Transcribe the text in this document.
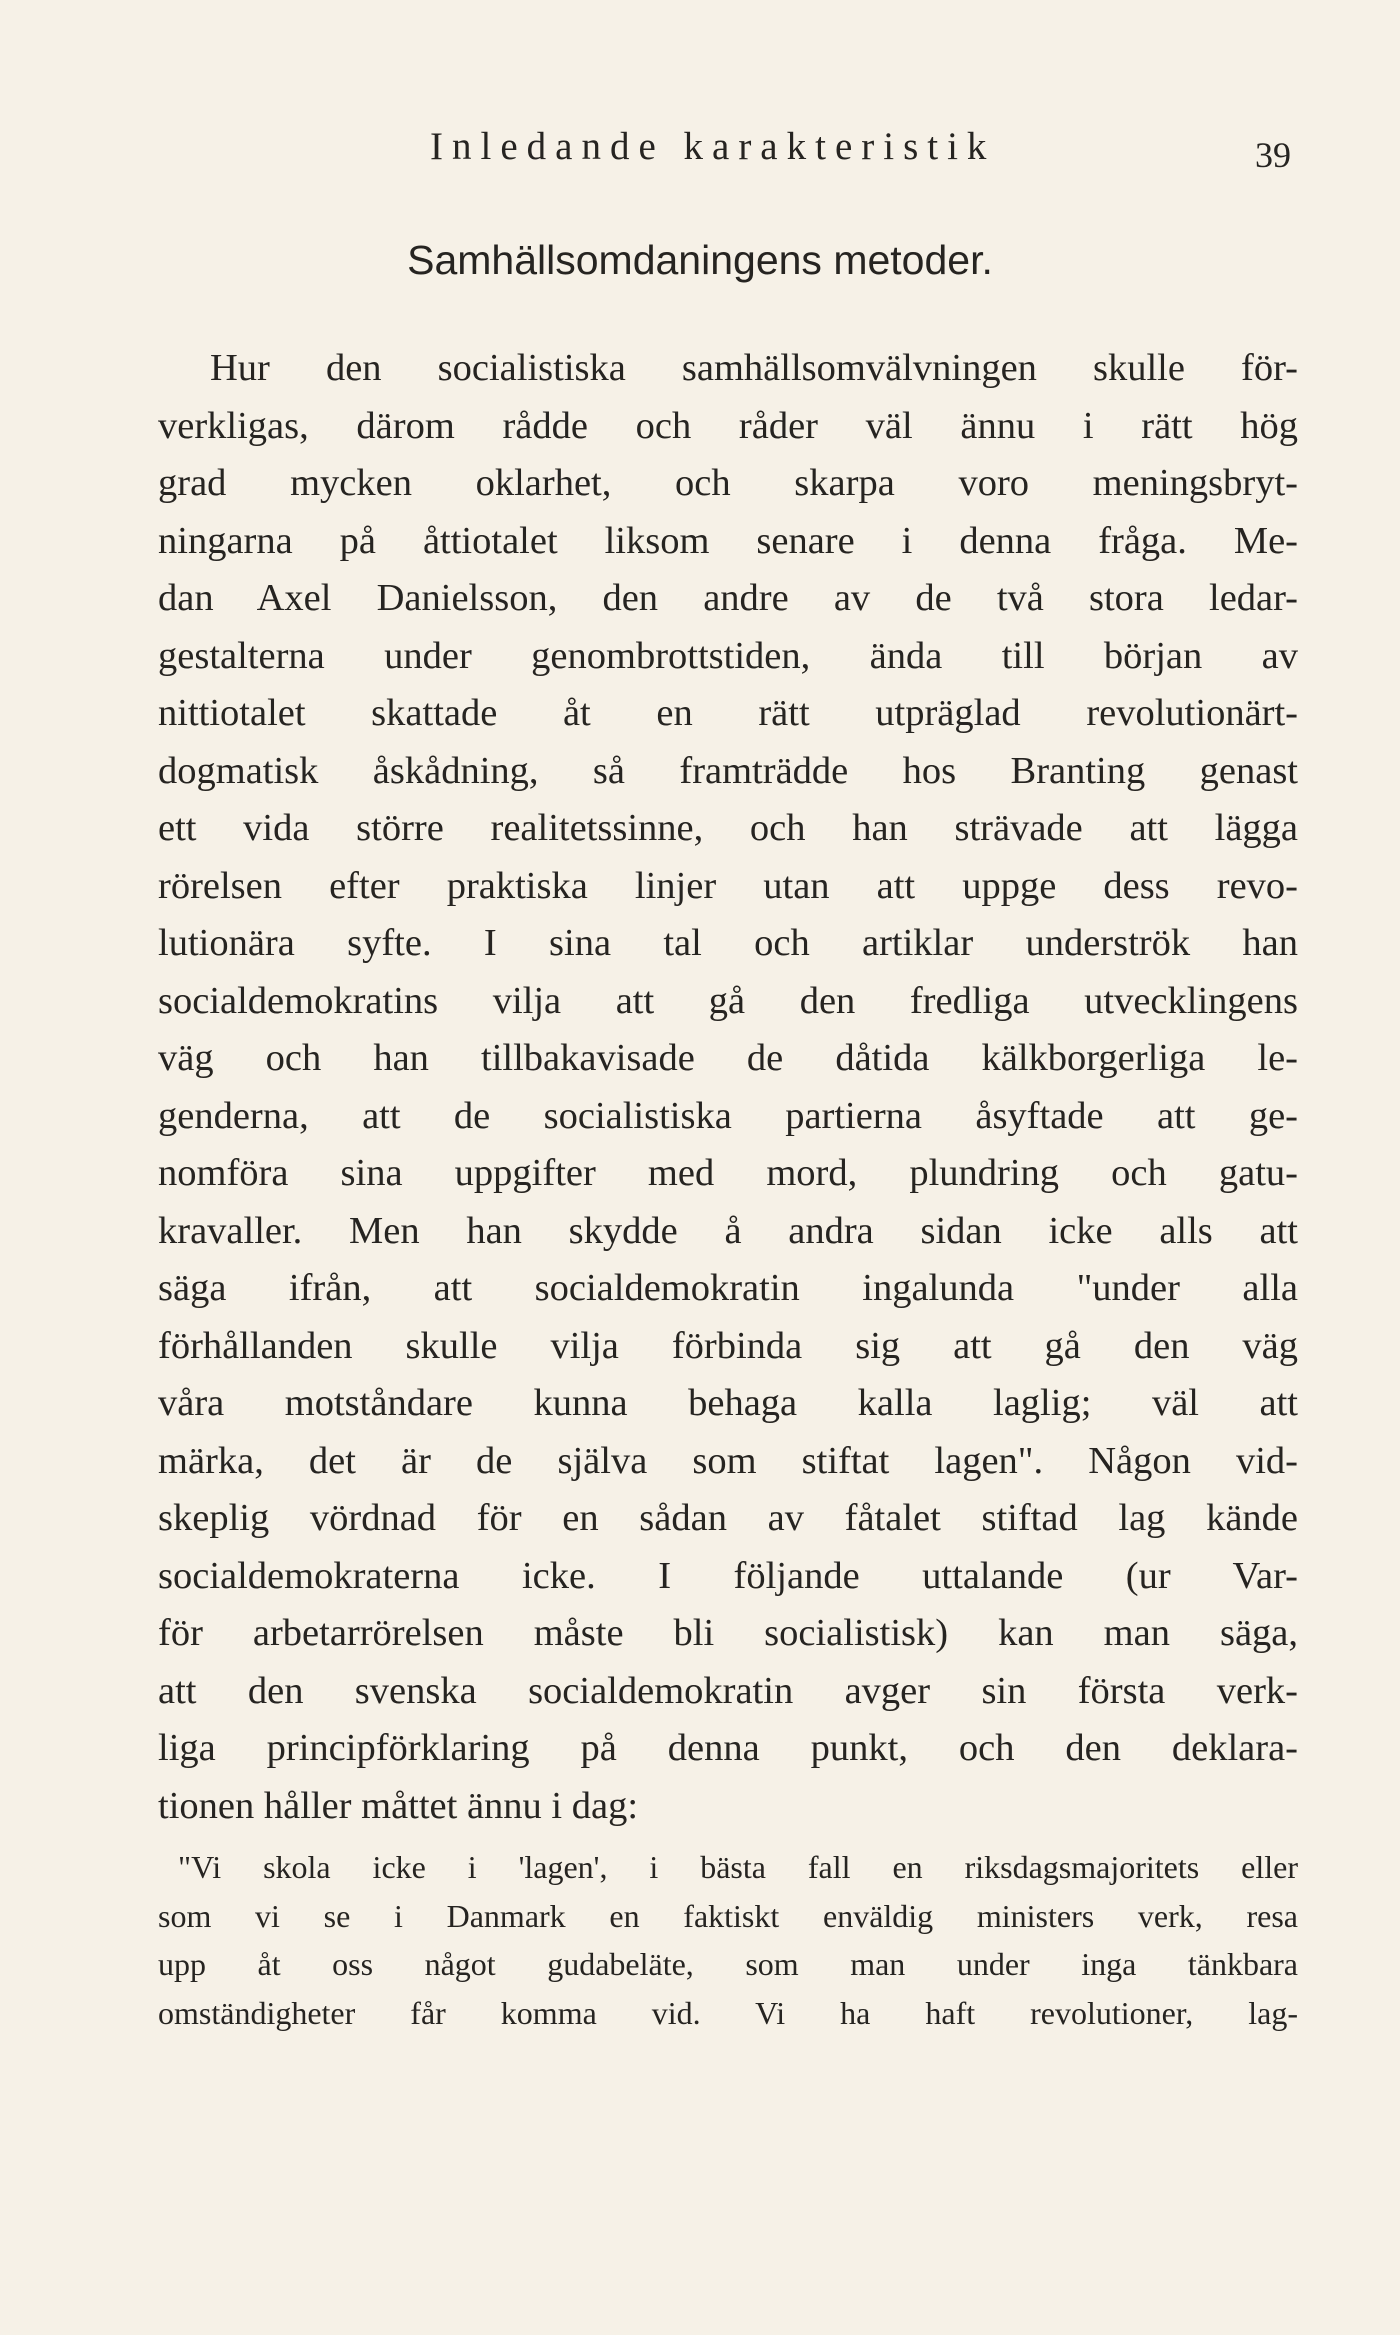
Inledande karakteristik	39
Samhällsomdaningens metoder.
Hur den socialistiska samhällsomvälvningen skulle för-
verkligas, därom rådde och råder väl ännu i rätt hög
grad mycken oklarhet, och skarpa voro meningsbryt-
ningarna på åttiotalet liksom senare i denna fråga. Me-
dan Axel Danielsson, den andre av de två stora ledar-
gestalterna under genombrottstiden, ända till början av
nittiotalet skattade åt en rätt utpräglad revolutionärt-
dogmatisk åskådning, så framträdde hos Branting genast
ett vida större realitetssinne, och han strävade att lägga
rörelsen efter praktiska linjer utan att uppge dess revo-
lutionära syfte. I sina tal och artiklar underströk han
socialdemokratins vilja att gå den fredliga utvecklingens
väg och han tillbakavisade de dåtida kälkborgerliga le-
genderna, att de socialistiska partierna åsyftade att ge-
nomföra sina uppgifter med mord, plundring och gatu-
kravaller. Men han skydde å andra sidan icke alls att
säga ifrån, att socialdemokratin ingalunda "under alla
förhållanden skulle vilja förbinda sig att gå den väg
våra motståndare kunna behaga kalla laglig; väl att
märka, det är de själva som stiftat lagen". Någon vid-
skeplig vördnad för en sådan av fåtalet stiftad lag kände
socialdemokraterna icke. I följande uttalande (ur Var-
för arbetarrörelsen måste bli socialistisk) kan man säga,
att den svenska socialdemokratin avger sin första verk-
liga principförklaring på denna punkt, och den deklara-
tionen håller måttet ännu i dag:
"Vi skola icke i 'lagen', i bästa fall en riksdagsmajoritets eller
som vi se i Danmark en faktiskt enväldig ministers verk, resa
upp åt oss något gudabeläte, som man under inga tänkbara
omständigheter får komma vid. Vi ha haft revolutioner, lag-
